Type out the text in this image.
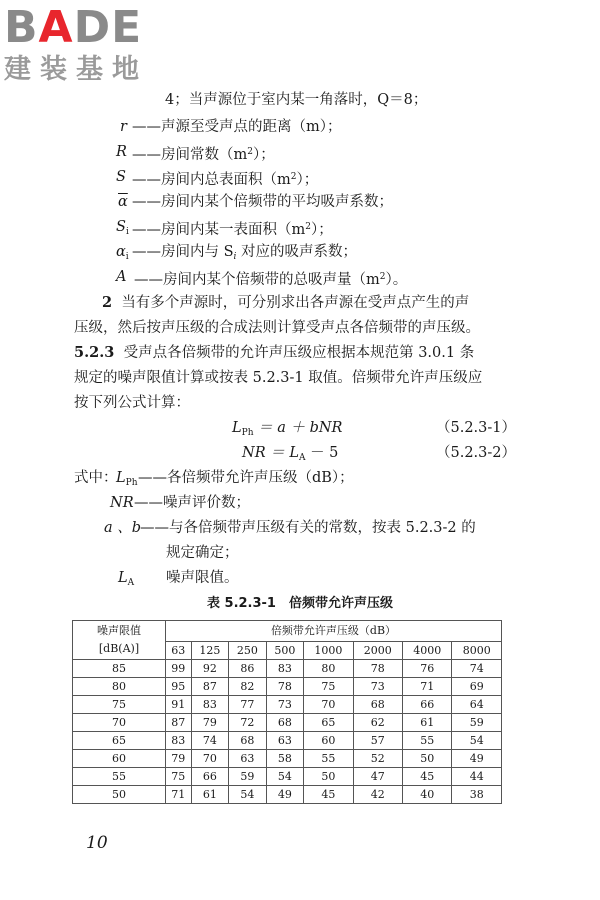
BADE
建装基地
4；当声源位于室内某一角落时，Q＝8；
r ——声源至受声点的距离（m）；
R ——房间常数$(m^2)$；
S ——房间内总表面积$(m^2)$；
$\overline{\alpha}$ ——房间内某个倍频带的平均吸声系数；
$S_i$ ——房间内某一表面积$(m^2)$；
$\alpha_i$ ——房间内与 $S_i$ 对应的吸声系数；
A ——房间内某个倍频带的总吸声量$(m^2)$。
2 当有多个声源时，可分别求出各声源在受声点产生的声
压级，然后按声压级的合成法则计算受声点各倍频带的声压级。
5.2.3 受声点各倍频带的允许声压级应根据本规范第 3.0.1 条
规定的噪声限值计算或按表 5.2.3-1 取值。倍频带允许声压级应
按下列公式计算：
$L_{Ph} = a$ ＋ bNR	（5.2.3-1）
NR ＝ $L_A - 5$	（5.2.3-2）
式中：
$L_{Ph}$ ——各倍频带允许声压级（dB）；
NR ——噪声评价数；
a 、b
——与各倍频带声压级有关的常数，按表 5.2.3-2 的
规定确定；
$L_A$ 噪声限值。
表 5.2.3-1　倍频带允许声压级
噪声限值
[dB(A)]	倍频带允许声压级（dB）							
	63	125	250	500	1000	2000	4000	8000
85	99	92	86	83	80	78	76	74
80	95	87	82	78	75	73	71	69
75	91	83	77	73	70	68	66	64
70	87	79	72	68	65	62	61	59
65	83	74	68	63	60	57	55	54
60	79	70	63	58	55	52	50	49
55	75	66	59	54	50	47	45	44
50	71	61	54	49	45	42	40	38
10
